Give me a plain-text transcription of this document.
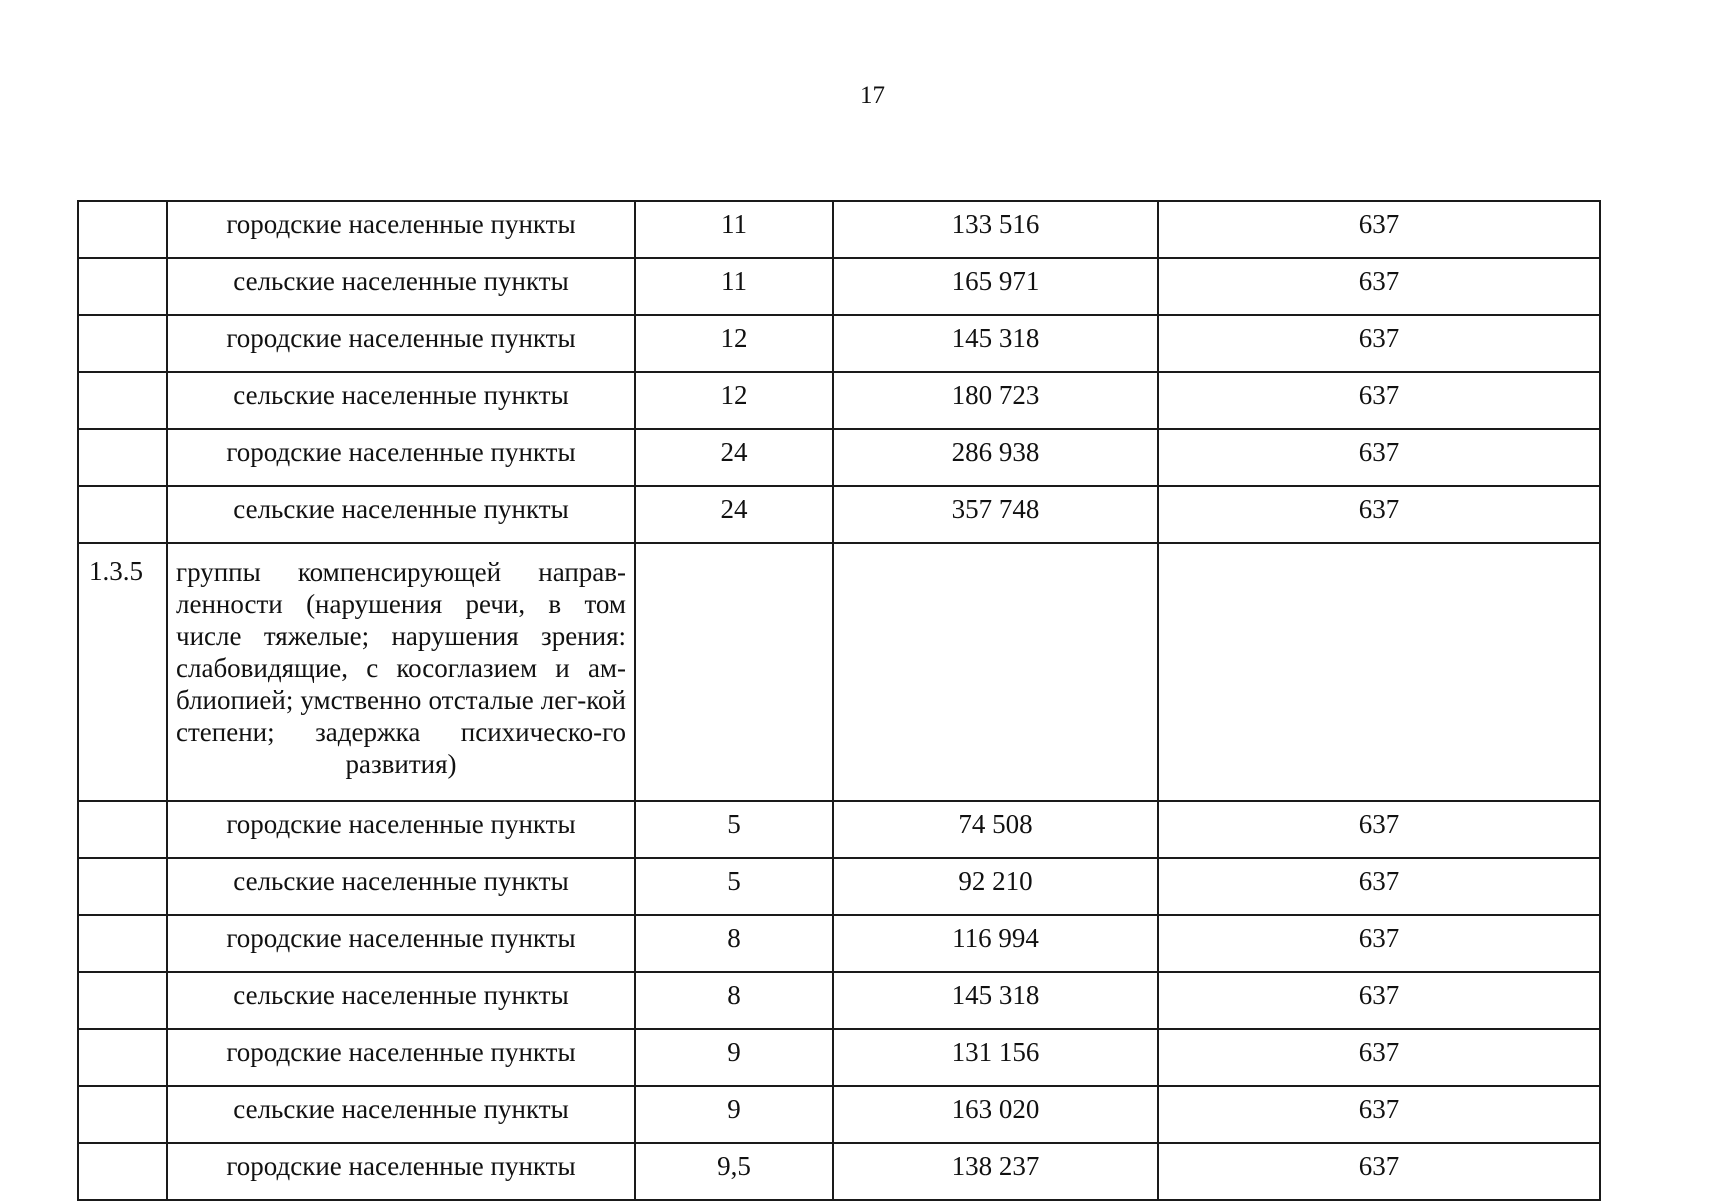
17
	городские населенные пункты	11	133 516	637
	сельские населенные пункты	11	165 971	637
	городские населенные пункты	12	145 318	637
	сельские населенные пункты	12	180 723	637
	городские населенные пункты	24	286 938	637
	сельские населенные пункты	24	357 748	637
1.3.5	группы компенсирующей направ-ленности (нарушения речи, в том числе тяжелые; нарушения зрения: слабовидящие, с косоглазием и ам-блиопией; умственно отсталые лег-кой степени; задержка психическо-го развития)			
	городские населенные пункты	5	74 508	637
	сельские населенные пункты	5	92 210	637
	городские населенные пункты	8	116 994	637
	сельские населенные пункты	8	145 318	637
	городские населенные пункты	9	131 156	637
	сельские населенные пункты	9	163 020	637
	городские населенные пункты	9,5	138 237	637
